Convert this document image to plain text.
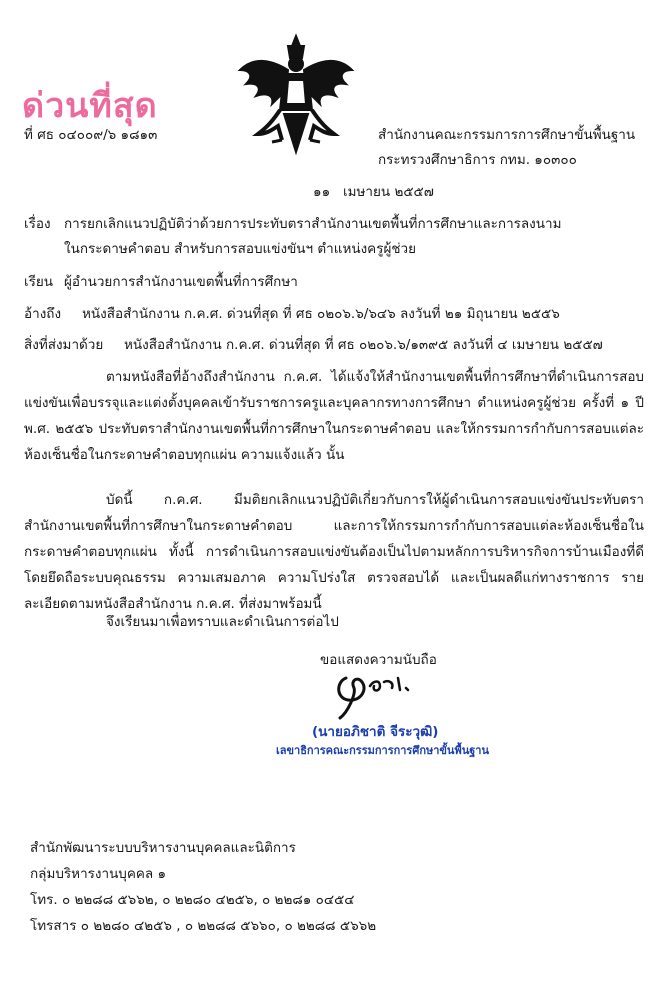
ด่วนที่สุด
ที่ ศธ ๐๔๐๐๙/๖ ๑๘๑๓	สำนักงานคณะกรรมการการศึกษาขั้นพื้นฐาน
กระทรวงศึกษาธิการ กทม. ๑๐๓๐๐
๑๑ เมษายน ๒๕๕๗
เรื่อง การยกเลิกแนวปฏิบัติว่าด้วยการประทับตราสำนักงานเขตพื้นที่การศึกษาและการลงนาม
ในกระดาษคำตอบ สำหรับการสอบแข่งขันฯ ตำแหน่งครูผู้ช่วย
เรียน ผู้อำนวยการสำนักงานเขตพื้นที่การศึกษา
อ้างถึง หนังสือสำนักงาน ก.ค.ศ. ด่วนที่สุด ที่ ศธ ๐๒๐๖.๖/๖๔๖ ลงวันที่ ๒๑ มิถุนายน ๒๕๕๖
สิ่งที่ส่งมาด้วย หนังสือสำนักงาน ก.ค.ศ. ด่วนที่สุด ที่ ศธ ๐๒๐๖.๖/๑๓๙๕ ลงวันที่ ๔ เมษายน ๒๕๕๗
ตามหนังสือที่อ้างถึงสำนักงาน ก.ค.ศ. ได้แจ้งให้สำนักงานเขตพื้นที่การศึกษาที่ดำเนินการสอบแข่งขันเพื่อบรรจุและแต่งตั้งบุคคลเข้ารับราชการครูและบุคลากรทางการศึกษา ตำแหน่งครูผู้ช่วย ครั้งที่ ๑ ปี พ.ศ. ๒๕๕๖ ประทับตราสำนักงานเขตพื้นที่การศึกษาในกระดาษคำตอบ และให้กรรมการกำกับการสอบแต่ละห้องเซ็นชื่อในกระดาษคำตอบทุกแผ่น ความแจ้งแล้ว นั้น
บัดนี้ ก.ค.ศ. มีมติยกเลิกแนวปฏิบัติเกี่ยวกับการให้ผู้ดำเนินการสอบแข่งขันประทับตราสำนักงานเขตพื้นที่การศึกษาในกระดาษคำตอบ และการให้กรรมการกำกับการสอบแต่ละห้องเซ็นชื่อในกระดาษคำตอบทุกแผ่น ทั้งนี้ การดำเนินการสอบแข่งขันต้องเป็นไปตามหลักการบริหารกิจการบ้านเมืองที่ดีโดยยึดถือระบบคุณธรรม ความเสมอภาค ความโปร่งใส ตรวจสอบได้ และเป็นผลดีแก่ทางราชการ รายละเอียดตามหนังสือสำนักงาน ก.ค.ศ. ที่ส่งมาพร้อมนี้
จึงเรียนมาเพื่อทราบและดำเนินการต่อไป
ขอแสดงความนับถือ
(นายอภิชาติ จีระวุฒิ)
เลขาธิการคณะกรรมการการศึกษาขั้นพื้นฐาน
สำนักพัฒนาระบบบริหารงานบุคคลและนิติการ
กลุ่มบริหารงานบุคคล ๑
โทร. ๐ ๒๒๘๘ ๕๖๖๒, ๐ ๒๒๘๐ ๔๒๕๖, ๐ ๒๒๘๑ ๐๔๕๔
โทรสาร ๐ ๒๒๘๐ ๔๒๕๖ , ๐ ๒๒๘๘ ๕๖๖๐, ๐ ๒๒๘๘ ๕๖๖๒
